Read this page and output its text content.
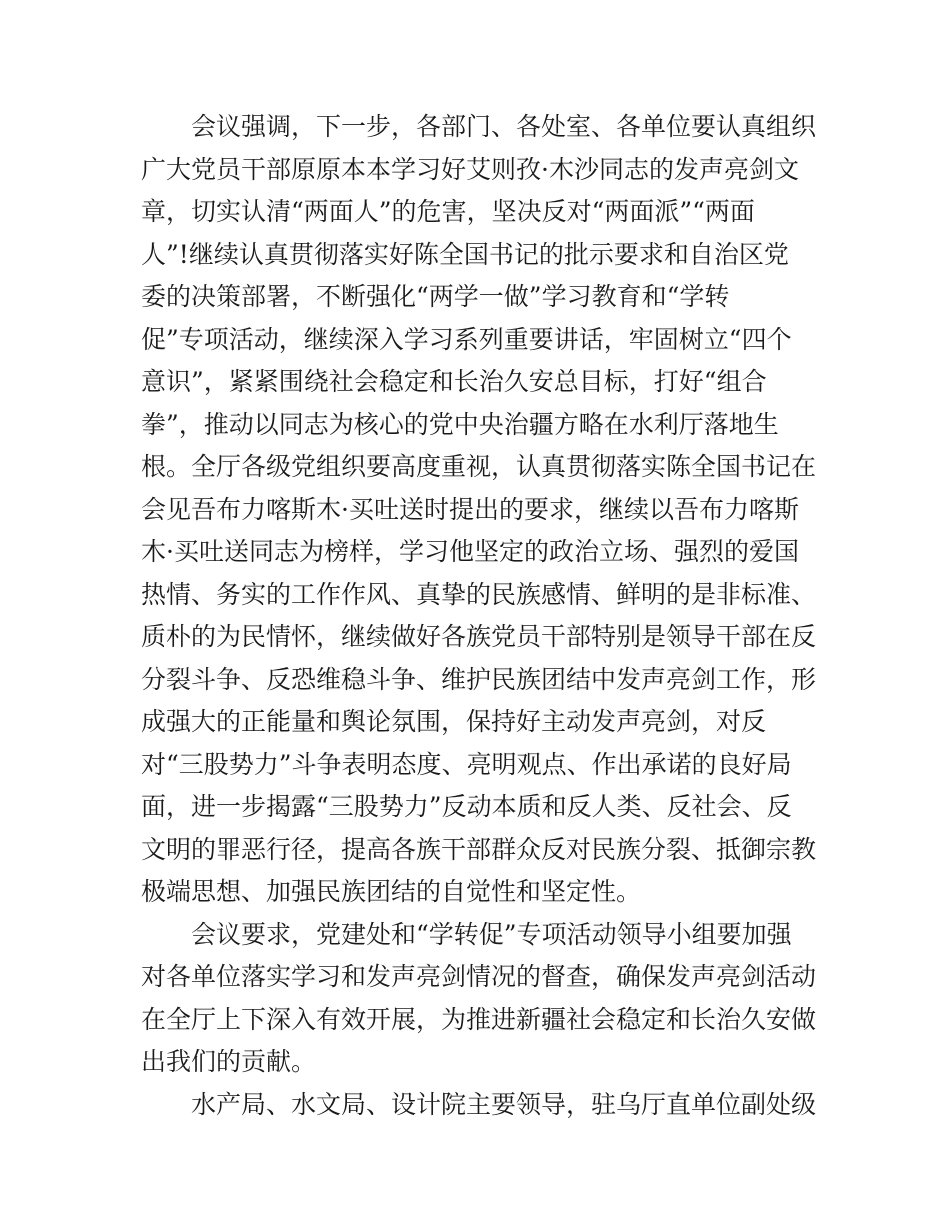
会议强调，下一步，各部门、各处室、各单位要认真组织
广大党员干部原原本本学习好艾则孜·木沙同志的发声亮剑文
章，切实认清“两面人”的危害，坚决反对“两面派”“两面
人”!继续认真贯彻落实好陈全国书记的批示要求和自治区党
委的决策部署，不断强化“两学一做”学习教育和“学转
促”专项活动，继续深入学习系列重要讲话，牢固树立“四个
意识”，紧紧围绕社会稳定和长治久安总目标，打好“组合
拳”，推动以同志为核心的党中央治疆方略在水利厅落地生
根。全厅各级党组织要高度重视，认真贯彻落实陈全国书记在
会见吾布力喀斯木·买吐送时提出的要求，继续以吾布力喀斯
木·买吐送同志为榜样，学习他坚定的政治立场、强烈的爱国
热情、务实的工作作风、真挚的民族感情、鲜明的是非标准、
质朴的为民情怀，继续做好各族党员干部特别是领导干部在反
分裂斗争、反恐维稳斗争、维护民族团结中发声亮剑工作，形
成强大的正能量和舆论氛围，保持好主动发声亮剑，对反
对“三股势力”斗争表明态度、亮明观点、作出承诺的良好局
面，进一步揭露“三股势力”反动本质和反人类、反社会、反
文明的罪恶行径，提高各族干部群众反对民族分裂、抵御宗教
极端思想、加强民族团结的自觉性和坚定性。
会议要求，党建处和“学转促”专项活动领导小组要加强
对各单位落实学习和发声亮剑情况的督查，确保发声亮剑活动
在全厅上下深入有效开展，为推进新疆社会稳定和长治久安做
出我们的贡献。
水产局、水文局、设计院主要领导，驻乌厅直单位副处级
